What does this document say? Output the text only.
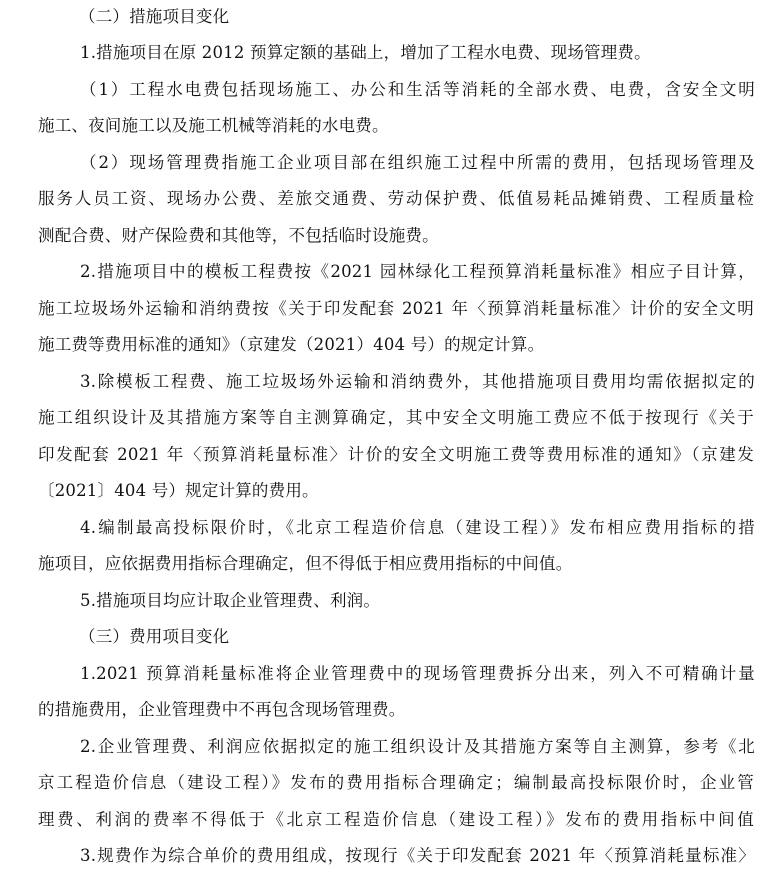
（二）措施项目变化
1.措施项目在原 2012 预算定额的基础上，增加了工程水电费、现场管理费。
（1）工程水电费包括现场施工、办公和生活等消耗的全部水费、电费，含安全文明
施工、夜间施工以及施工机械等消耗的水电费。
（2）现场管理费指施工企业项目部在组织施工过程中所需的费用，包括现场管理及
服务人员工资、现场办公费、差旅交通费、劳动保护费、低值易耗品摊销费、工程质量检
测配合费、财产保险费和其他等，不包括临时设施费。
2.措施项目中的模板工程费按《2021 园林绿化工程预算消耗量标准》相应子目计算，
施工垃圾场外运输和消纳费按《关于印发配套 2021 年〈预算消耗量标准〉计价的安全文明
施工费等费用标准的通知》（京建发（2021）404 号）的规定计算。
3.除模板工程费、施工垃圾场外运输和消纳费外，其他措施项目费用均需依据拟定的
施工组织设计及其措施方案等自主测算确定，其中安全文明施工费应不低于按现行《关于
印发配套 2021 年〈预算消耗量标准〉计价的安全文明施工费等费用标准的通知》（京建发
〔2021〕404 号）规定计算的费用。
4.编制最高投标限价时，《北京工程造价信息（建设工程）》发布相应费用指标的措
施项目，应依据费用指标合理确定，但不得低于相应费用指标的中间值。
5.措施项目均应计取企业管理费、利润。
（三）费用项目变化
1.2021 预算消耗量标准将企业管理费中的现场管理费拆分出来，列入不可精确计量
的措施费用，企业管理费中不再包含现场管理费。
2.企业管理费、利润应依据拟定的施工组织设计及其措施方案等自主测算，参考《北
京工程造价信息（建设工程）》发布的费用指标合理确定；编制最高投标限价时，企业管
理费、利润的费率不得低于《北京工程造价信息（建设工程）》发布的费用指标中间值
3.规费作为综合单价的费用组成，按现行《关于印发配套 2021 年〈预算消耗量标准〉
